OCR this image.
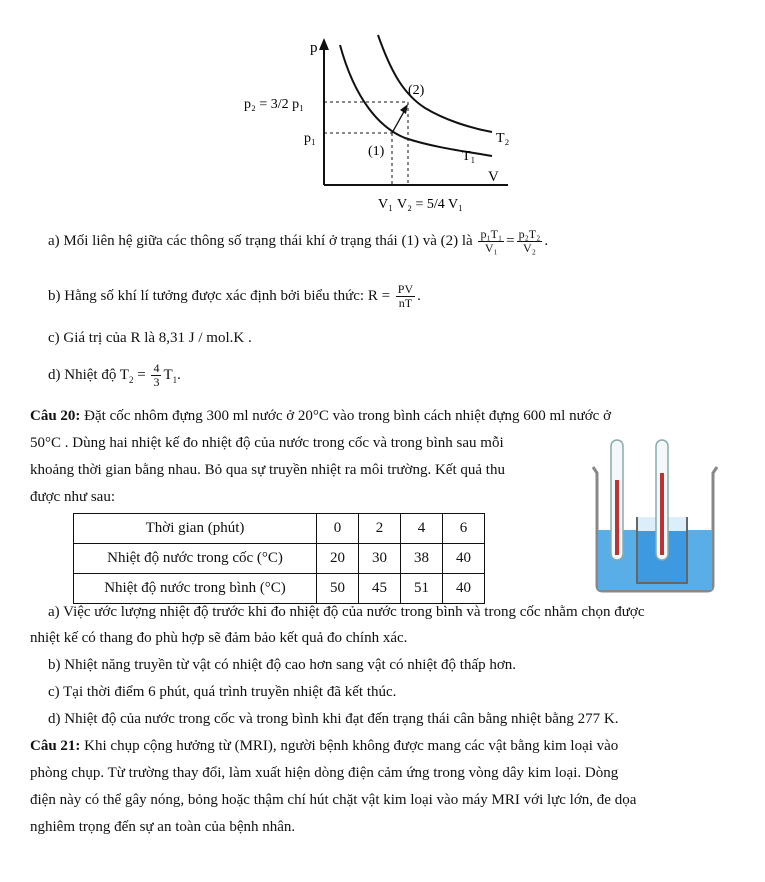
p
V
p₂ = 3/2 p₁
p₁
(1)
(2)
T₁
T₂
V₁ V₂ = 5/4 V₁
a) Mối liên hệ giữa các thông số trạng thái khí ở trạng thái (1) và (2) là $\frac{\text{p₁T₁}}{\text{V₁}} = \frac{\text{p₂T₂}}{\text{V₂}}$ .
b) Hằng số khí lí tưởng được xác định bởi biểu thức: $R = \frac{PV}{nT}$ .
c) Giá trị của R là 8,31 J / mol.K .
d) Nhiệt độ $T_2 = \frac{4}{3} T_1$.
Câu 20: Đặt cốc nhôm đựng 300 ml nước ở 20°C vào trong bình cách nhiệt đựng 600 ml nước ở
50°C . Dùng hai nhiệt kế đo nhiệt độ của nước trong cốc và trong bình sau mỗi
khoảng thời gian bằng nhau. Bỏ qua sự truyền nhiệt ra môi trường. Kết quả thu
được như sau:
Thời gian (phút)	0	2	4	6
Nhiệt độ nước trong cốc (°C)	20	30	38	40
Nhiệt độ nước trong bình (°C)	50	45	51	40
a) Việc ước lượng nhiệt độ trước khi đo nhiệt độ của nước trong bình và trong cốc nhằm chọn được
nhiệt kế có thang đo phù hợp sẽ đảm bảo kết quả đo chính xác.
b) Nhiệt năng truyền từ vật có nhiệt độ cao hơn sang vật có nhiệt độ thấp hơn.
c) Tại thời điểm 6 phút, quá trình truyền nhiệt đã kết thúc.
d) Nhiệt độ của nước trong cốc và trong bình khi đạt đến trạng thái cân bằng nhiệt bằng 277 K.
Câu 21: Khi chụp cộng hưởng từ (MRI), người bệnh không được mang các vật bằng kim loại vào
phòng chụp. Từ trường thay đổi, làm xuất hiện dòng điện cảm ứng trong vòng dây kim loại. Dòng
điện này có thể gây nóng, bỏng hoặc thậm chí hút chặt vật kim loại vào máy MRI với lực lớn, đe dọa
nghiêm trọng đến sự an toàn của bệnh nhân.
